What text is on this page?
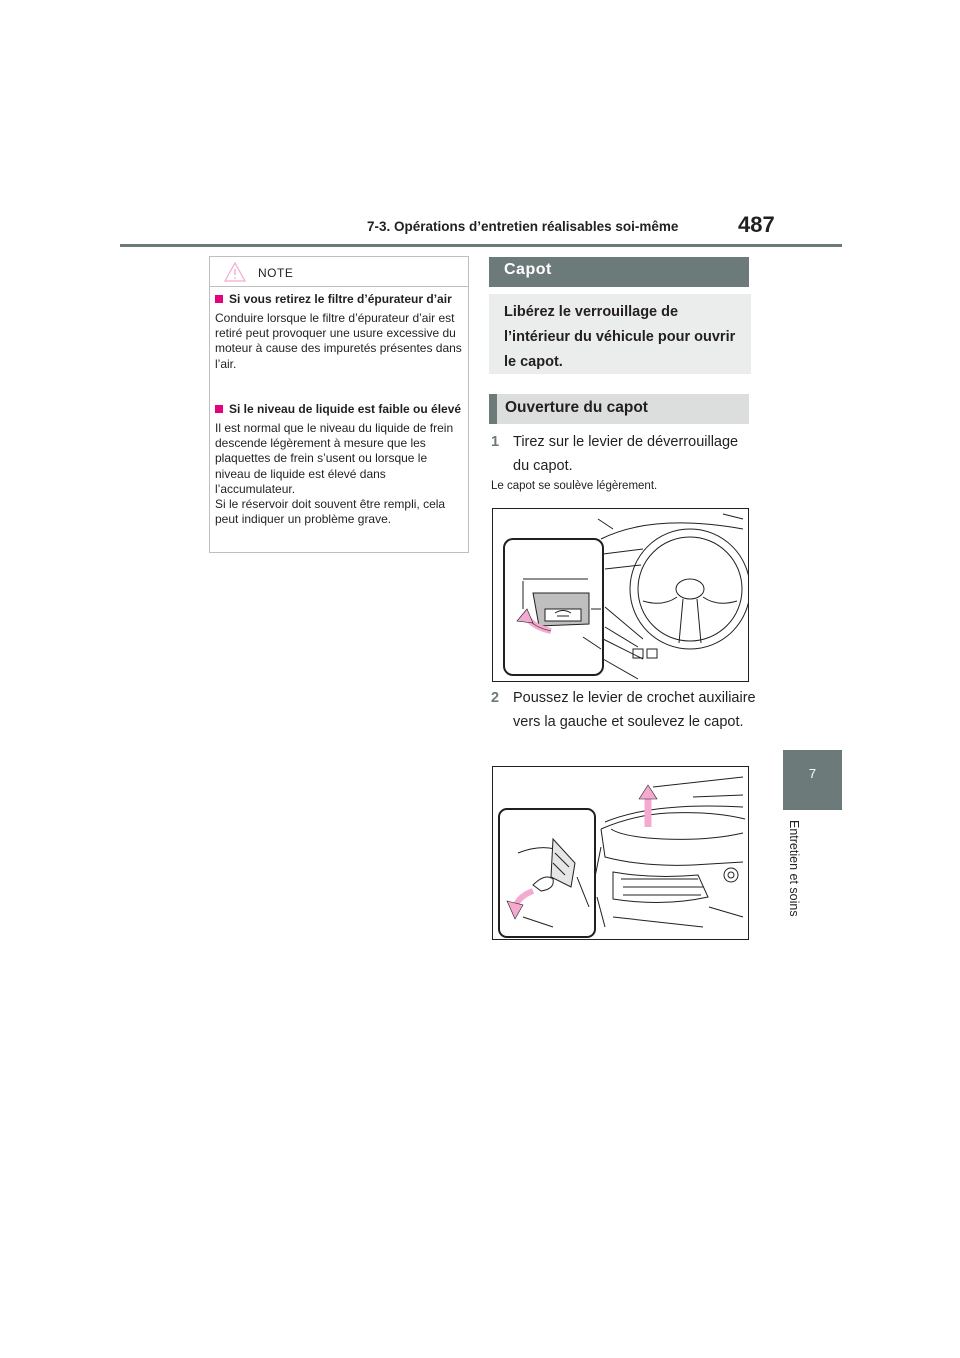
7-3. Opérations d’entretien réalisables soi-même	487
7
Entretien et soins
NOTE
Si vous retirez le filtre d’épurateur d’air
Conduire lorsque le filtre d’épurateur d’air est retiré peut provoquer une usure excessive du moteur à cause des impuretés présentes dans l’air.
Si le niveau de liquide est faible ou élevé
Il est normal que le niveau du liquide de frein descende légèrement à mesure que les plaquettes de frein s’usent ou lorsque le niveau de liquide est élevé dans l’accumulateur.
Si le réservoir doit souvent être rempli, cela peut indiquer un problème grave.
Capot
Libérez le verrouillage de l’intérieur du véhicule pour ouvrir le capot.
Ouverture du capot
1 Tirez sur le levier de déverrouillage du capot.
Le capot se soulève légèrement.
2 Poussez le levier de crochet auxiliaire vers la gauche et soulevez le capot.
